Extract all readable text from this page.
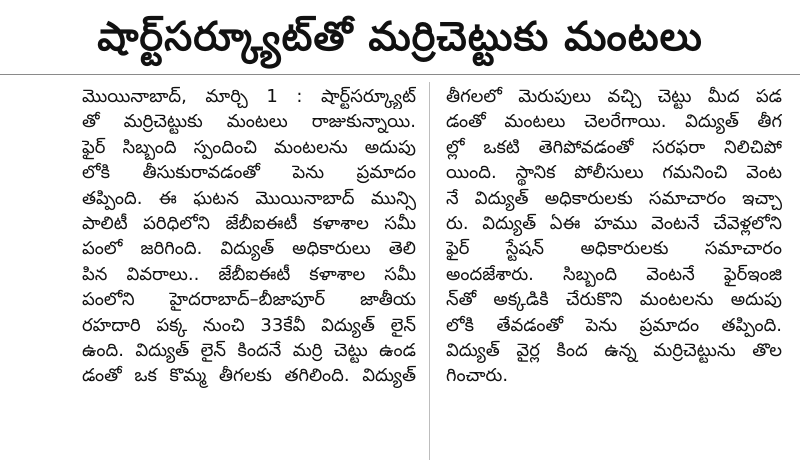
షార్ట్‌సర్క్యూట్‌తో మర్రిచెట్టుకు మంటలు
మొయినాబాద్, మార్చి 1 : షార్ట్‌సర్క్యూట్
తో మర్రిచెట్టుకు మంటలు రాజుకున్నాయి.
ఫైర్ సిబ్బంది స్పందించి మంటలను అదుపు
లోకి తీసుకురావడంతో పెను ప్రమాదం
తప్పింది. ఈ ఘటన మొయినాబాద్ మున్సి
పాలిటీ పరిధిలోని జేబీఐఈటీ కళాశాల సమీ
పంలో జరిగింది. విద్యుత్ అధికారులు తెలి
పిన వివరాలు.. జేబీఐఈటీ కళాశాల సమీ
పంలోని హైదరాబాద్–బీజాపూర్ జాతీయ
రహదారి పక్క నుంచి 33కేవీ విద్యుత్ లైన్
ఉంది. విద్యుత్ లైన్ కిందనే మర్రి చెట్టు ఉండ
డంతో ఒక కొమ్మ తీగలకు తగిలింది. విద్యుత్
తీగలలో మెరుపులు వచ్చి చెట్టు మీద పడ
డంతో మంటలు చెలరేగాయి. విద్యుత్ తీగ
ల్లో ఒకటి తెగిపోవడంతో సరఫరా నిలిచిపో
యింది. స్థానిక పోలీసులు గమనించి వెంట
నే విద్యుత్ అధికారులకు సమాచారం ఇచ్చా
రు. విద్యుత్ ఏఈ హము వెంటనే చేవెళ్లలోని
ఫైర్ స్టేషన్ అధికారులకు సమాచారం
అందజేశారు. సిబ్బంది వెంటనే ఫైర్ఇంజి
న్‌తో అక్కడికి చేరుకొని మంటలను అదుపు
లోకి తేవడంతో పెను ప్రమాదం తప్పింది.
విద్యుత్ వైర్ల కింద ఉన్న మర్రిచెట్టును తొల
గించారు.
